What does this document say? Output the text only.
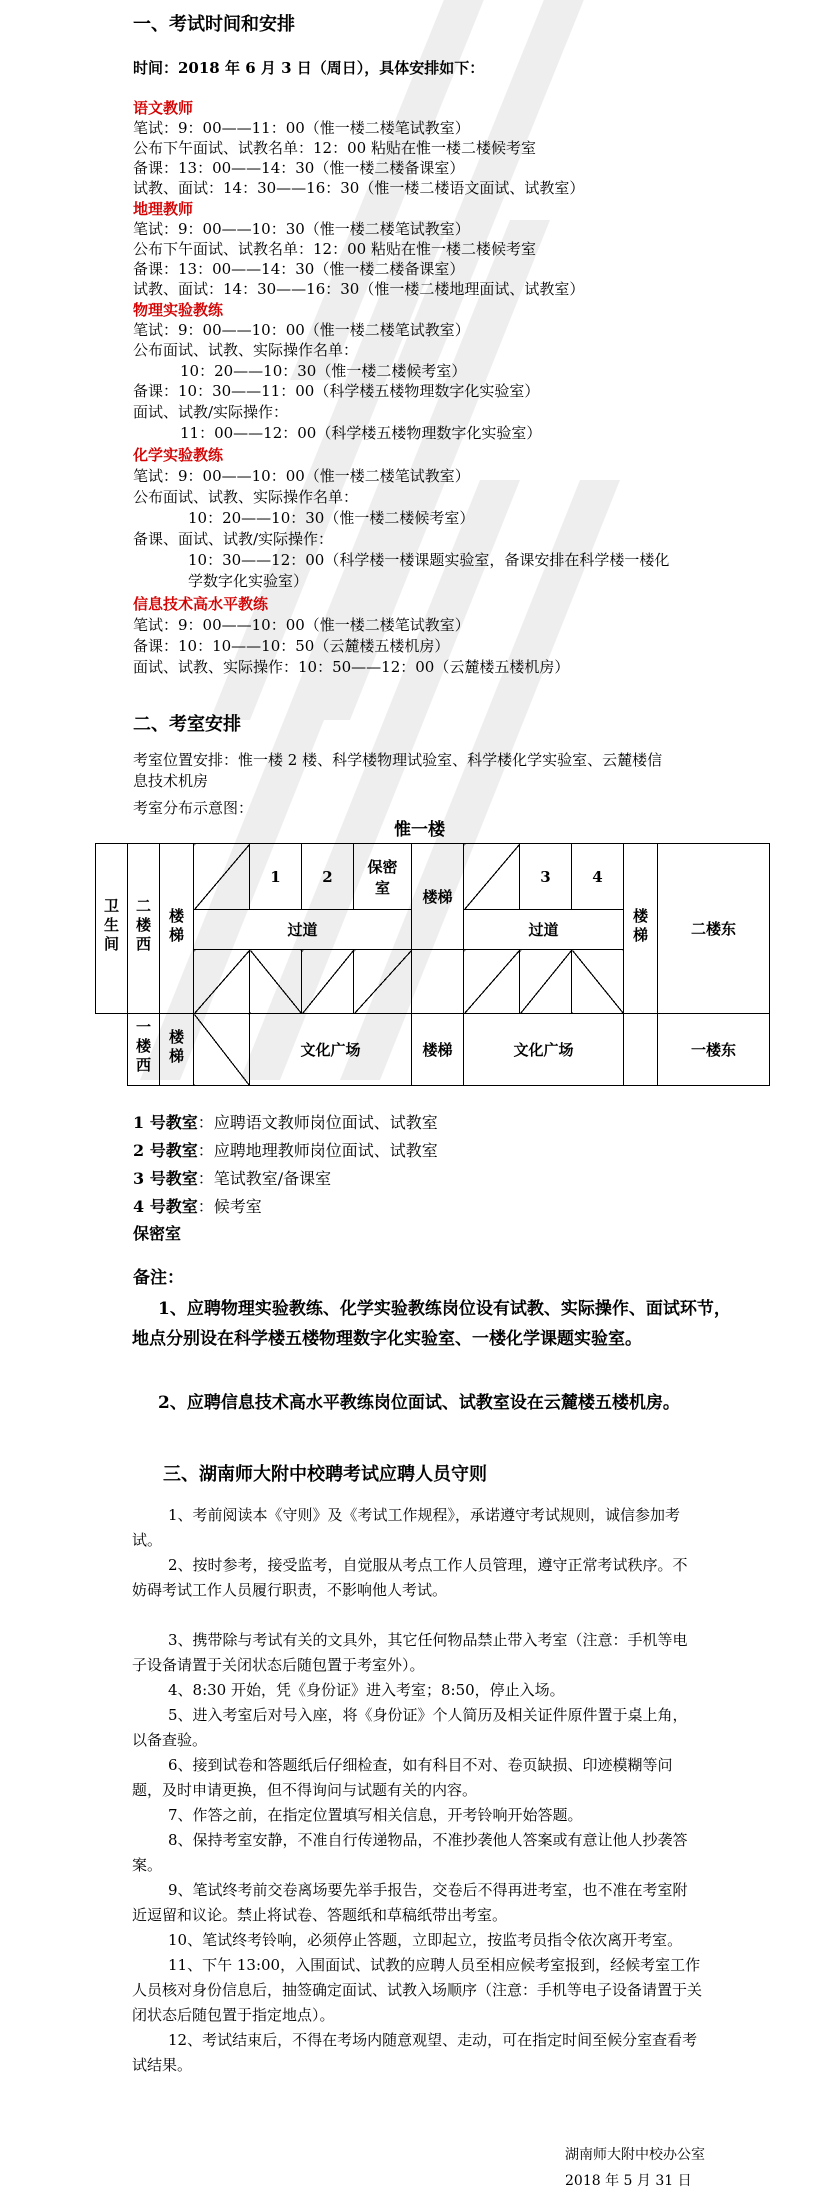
一、考试时间和安排
时间：2018 年 6 月 3 日（周日），具体安排如下：
语文教师
笔试：9：00——11：00（惟一楼二楼笔试教室）
公布下午面试、试教名单：12：00 粘贴在惟一楼二楼候考室
备课：13：00——14：30（惟一楼二楼备课室）
试教、面试：14：30——16：30（惟一楼二楼语文面试、试教室）
地理教师
笔试：9：00——10：30（惟一楼二楼笔试教室）
公布下午面试、试教名单：12：00 粘贴在惟一楼二楼候考室
备课：13：00——14：30（惟一楼二楼备课室）
试教、面试：14：30——16：30（惟一楼二楼地理面试、试教室）
物理实验教练
笔试：9：00——10：00（惟一楼二楼笔试教室）
公布面试、试教、实际操作名单：
10：20——10：30（惟一楼二楼候考室）
备课：10：30——11：00（科学楼五楼物理数字化实验室）
面试、试教/实际操作：
11：00——12：00（科学楼五楼物理数字化实验室）
化学实验教练
笔试：9：00——10：00（惟一楼二楼笔试教室）
公布面试、试教、实际操作名单：
10：20——10：30（惟一楼二楼候考室）
备课、面试、试教/实际操作：
10：30——12：00（科学楼一楼课题实验室，备课安排在科学楼一楼化
学数字化实验室）
信息技术高水平教练
笔试：9：00——10：00（惟一楼二楼笔试教室）
备课：10：10——10：50（云麓楼五楼机房）
面试、试教、实际操作：10：50——12：00（云麓楼五楼机房）
二、考室安排
考室位置安排：惟一楼 2 楼、科学楼物理试验室、科学楼化学实验室、云麓楼信
息技术机房
考室分布示意图：
惟一楼
卫生间	二楼西	楼梯		1	2	保密室	楼梯		3	4	楼梯	二楼东
			过道					过道				

	一楼西	楼梯		文化广场			楼梯	文化广场				一楼东
1 号教室：应聘语文教师岗位面试、试教室
2 号教室：应聘地理教师岗位面试、试教室
3 号教室：笔试教室/备课室
4 号教室：候考室
保密室
备注：
1、应聘物理实验教练、化学实验教练岗位设有试教、实际操作、面试环节，地点分别设在科学楼五楼物理数字化实验室、一楼化学课题实验室。
2、应聘信息技术高水平教练岗位面试、试教室设在云麓楼五楼机房。
三、湖南师大附中校聘考试应聘人员守则
1、考前阅读本《守则》及《考试工作规程》，承诺遵守考试规则，诚信参加考试。
2、按时参考，接受监考，自觉服从考点工作人员管理，遵守正常考试秩序。不妨碍考试工作人员履行职责，不影响他人考试。
3、携带除与考试有关的文具外，其它任何物品禁止带入考室（注意：手机等电子设备请置于关闭状态后随包置于考室外）。
4、8:30 开始，凭《身份证》进入考室；8:50，停止入场。
5、进入考室后对号入座，将《身份证》个人简历及相关证件原件置于桌上角，以备查验。
6、接到试卷和答题纸后仔细检查，如有科目不对、卷页缺损、印迹模糊等问题，及时申请更换，但不得询问与试题有关的内容。
7、作答之前，在指定位置填写相关信息，开考铃响开始答题。
8、保持考室安静，不准自行传递物品，不准抄袭他人答案或有意让他人抄袭答案。
9、笔试终考前交卷离场要先举手报告，交卷后不得再进考室，也不准在考室附近逗留和议论。禁止将试卷、答题纸和草稿纸带出考室。
10、笔试终考铃响，必须停止答题，立即起立，按监考员指令依次离开考室。
11、下午 13:00，入围面试、试教的应聘人员至相应候考室报到，经候考室工作人员核对身份信息后，抽签确定面试、试教入场顺序（注意：手机等电子设备请置于关闭状态后随包置于指定地点）。
12、考试结束后，不得在考场内随意观望、走动，可在指定时间至候分室查看考试结果。
湖南师大附中校办公室
2018 年 5 月 31 日
